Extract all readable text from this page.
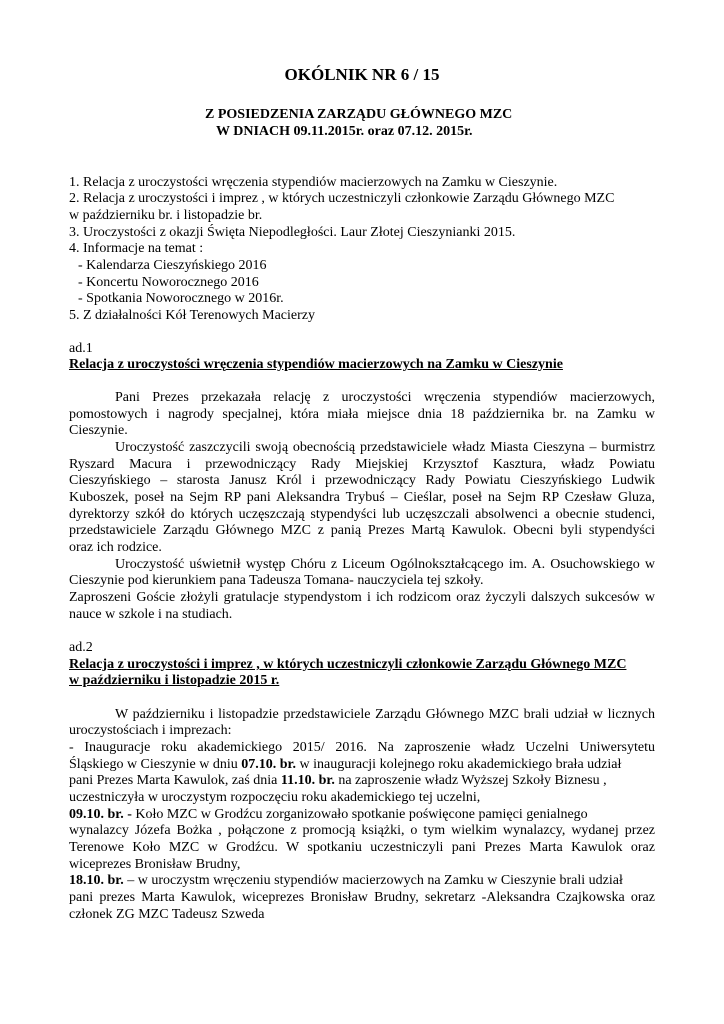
OKÓLNIK NR 6 / 15
Z POSIEDZENIA ZARZĄDU GŁÓWNEGO MZC
W DNIACH 09.11.2015r. oraz 07.12. 2015r.
1. Relacja z uroczystości wręczenia stypendiów macierzowych na Zamku w Cieszynie.
2. Relacja z uroczystości i imprez , w których uczestniczyli członkowie Zarządu Głównego MZC
w październiku br. i listopadzie br.
3. Uroczystości z okazji Święta Niepodległości. Laur Złotej Cieszynianki 2015.
4. Informacje na temat :
- Kalendarza Cieszyńskiego 2016
- Koncertu Noworocznego 2016
- Spotkania Noworocznego w 2016r.
5. Z działalności Kół Terenowych Macierzy
ad.1
Relacja z uroczystości wręczenia stypendiów macierzowych na Zamku w Cieszynie
Pani Prezes przekazała relację z uroczystości wręczenia stypendiów macierzowych,
pomostowych i nagrody specjalnej, która miała miejsce dnia 18 października br. na Zamku w
Cieszynie.
Uroczystość zaszczycili swoją obecnością przedstawiciele władz Miasta Cieszyna – burmistrz
Ryszard Macura i przewodniczący Rady Miejskiej Krzysztof Kasztura, władz Powiatu
Cieszyńskiego – starosta Janusz Król i przewodniczący Rady Powiatu Cieszyńskiego Ludwik
Kuboszek, poseł na Sejm RP pani Aleksandra Trybuś – Cieślar, poseł na Sejm RP Czesław Gluza,
dyrektorzy szkół do których uczęszczają stypendyści lub uczęszczali absolwenci a obecnie studenci,
przedstawiciele Zarządu Głównego MZC z panią Prezes Martą Kawulok. Obecni byli stypendyści
oraz ich rodzice.
Uroczystość uświetnił występ Chóru z Liceum Ogólnokształcącego im. A. Osuchowskiego w
Cieszynie pod kierunkiem pana Tadeusza Tomana- nauczyciela tej szkoły.
Zaproszeni Goście złożyli gratulacje stypendystom i ich rodzicom oraz życzyli dalszych sukcesów w
nauce w szkole i na studiach.
ad.2
Relacja z uroczystości i imprez , w których uczestniczyli członkowie Zarządu Głównego MZC
w październiku i listopadzie 2015 r.
W październiku i listopadzie przedstawiciele Zarządu Głównego MZC brali udział w licznych
uroczystościach i imprezach:
- Inauguracje roku akademickiego 2015/ 2016. Na zaproszenie władz Uczelni Uniwersytetu
Śląskiego w Cieszynie w dniu 07.10. br. w inauguracji kolejnego roku akademickiego brała udział
pani Prezes Marta Kawulok, zaś dnia 11.10. br. na zaproszenie władz Wyższej Szkoły Biznesu ,
uczestniczyła w uroczystym rozpoczęciu roku akademickiego tej uczelni,
09.10. br. - Koło MZC w Grodźcu zorganizowało spotkanie poświęcone pamięci genialnego
wynalazcy Józefa Bożka , połączone z promocją książki, o tym wielkim wynalazcy, wydanej przez
Terenowe Koło MZC w Grodźcu. W spotkaniu uczestniczyli pani Prezes Marta Kawulok oraz
wiceprezes Bronisław Brudny,
18.10. br. – w uroczystm wręczeniu stypendiów macierzowych na Zamku w Cieszynie brali udział
pani prezes Marta Kawulok, wiceprezes Bronisław Brudny, sekretarz -Aleksandra Czajkowska oraz
członek ZG MZC Tadeusz Szweda
